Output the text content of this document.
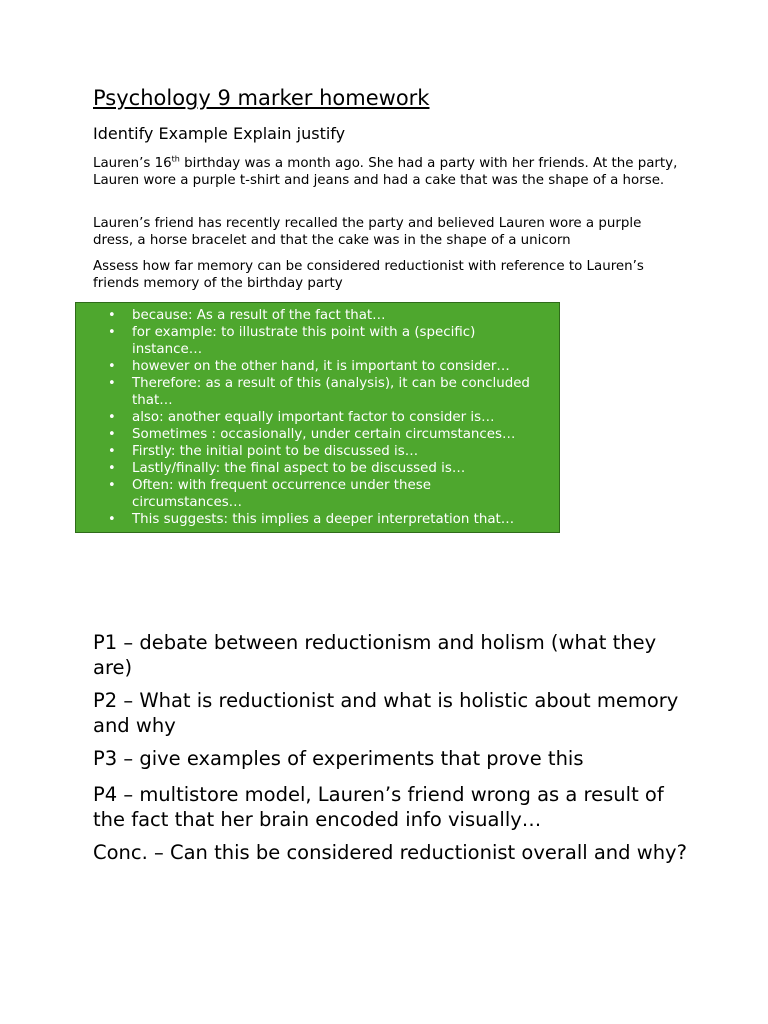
Psychology 9 marker homework
Identify Example Explain justify
Lauren’s 16th birthday was a month ago. She had a party with her friends. At the party, Lauren wore a purple t-shirt and jeans and had a cake that was the shape of a horse.
Lauren’s friend has recently recalled the party and believed Lauren wore a purple dress, a horse bracelet and that the cake was in the shape of a unicorn
Assess how far memory can be considered reductionist with reference to Lauren’s friends memory of the birthday party
• because: As a result of the fact that…
• for example: to illustrate this point with a (specific) instance…
• however on the other hand, it is important to consider…
• Therefore: as a result of this (analysis), it can be concluded that…
• also: another equally important factor to consider is…
• Sometimes : occasionally, under certain circumstances…
• Firstly: the initial point to be discussed is…
• Lastly/finally: the final aspect to be discussed is…
• Often: with frequent occurrence under these circumstances…
• This suggests: this implies a deeper interpretation that…
P1 – debate between reductionism and holism (what they are)
P2 – What is reductionist and what is holistic about memory and why
P3 – give examples of experiments that prove this
P4 – multistore model, Lauren’s friend wrong as a result of the fact that her brain encoded info visually…
Conc. – Can this be considered reductionist overall and why?
